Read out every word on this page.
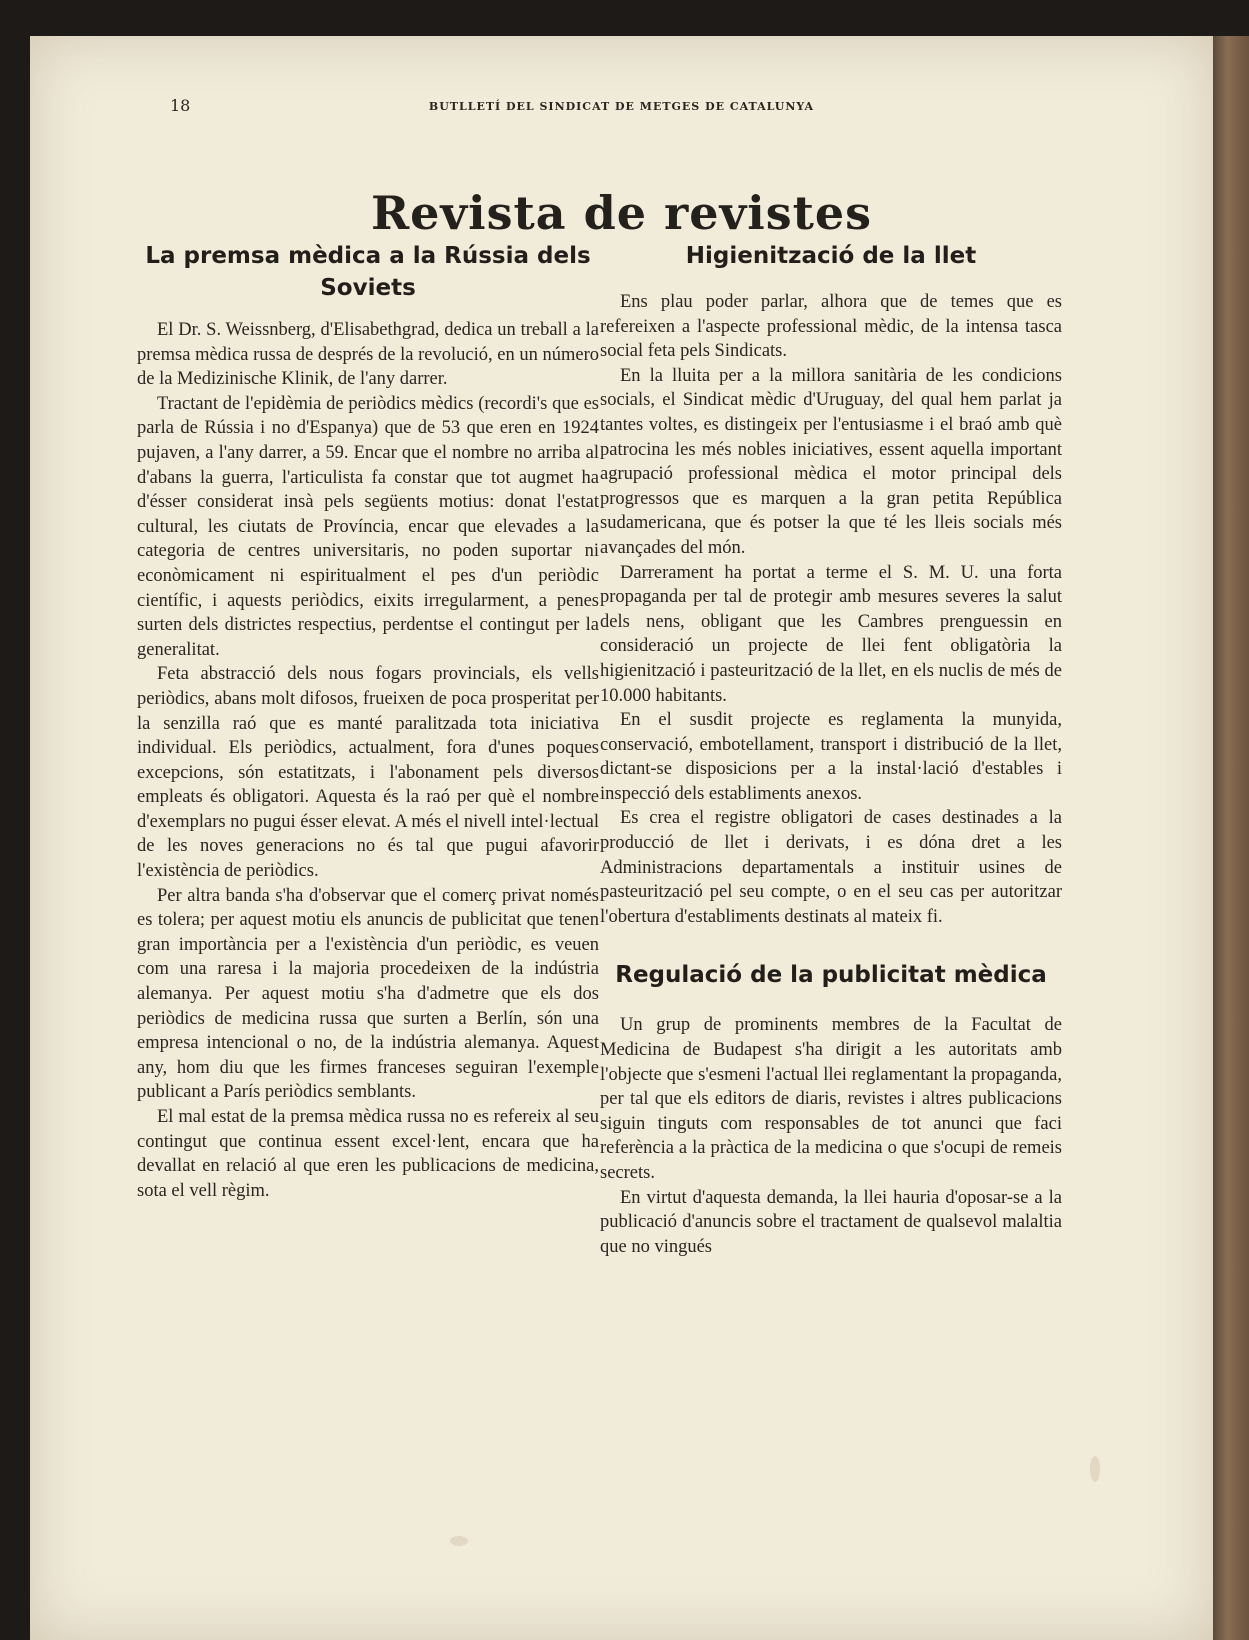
18	BUTLLETÍ DEL SINDICAT DE METGES DE CATALUNYA
Revista de revistes
La premsa mèdica a la Rússia dels Soviets

El Dr. S. Weissnberg, d'Elisabethgrad, dedica un treball a la premsa mèdica russa de després de la revolució, en un número de la Medizinische Klinik, de l'any darrer.

Tractant de l'epidèmia de periòdics mèdics (recordi's que es parla de Rússia i no d'Espanya) que de 53 que eren en 1924 pujaven, a l'any darrer, a 59. Encar que el nombre no arriba al d'abans la guerra, l'articulista fa constar que tot augmet ha d'ésser considerat insà pels següents motius: donat l'estat cultural, les ciutats de Província, encar que elevades a la categoria de centres universitaris, no poden suportar ni econòmicament ni espiritualment el pes d'un periòdic científic, i aquests periòdics, eixits irregularment, a penes surten dels districtes respectius, perdentse el contingut per la generalitat.

Feta abstracció dels nous fogars provincials, els vells periòdics, abans molt difosos, frueixen de poca prosperitat per la senzilla raó que es manté paralitzada tota iniciativa individual. Els periòdics, actualment, fora d'unes poques excepcions, són estatitzats, i l'abonament pels diversos empleats és obligatori. Aquesta és la raó per què el nombre d'exemplars no pugui ésser elevat. A més el nivell intel·lectual de les noves generacions no és tal que pugui afavorir l'existència de periòdics.

Per altra banda s'ha d'observar que el comerç privat només es tolera; per aquest motiu els anuncis de publicitat que tenen gran importància per a l'existència d'un periòdic, es veuen com una raresa i la majoria procedeixen de la indústria alemanya. Per aquest motiu s'ha d'admetre que els dos periòdics de medicina russa que surten a Berlín, són una empresa intencional o no, de la indústria alemanya. Aquest any, hom diu que les firmes franceses seguiran l'exemple publicant a París periòdics semblants.

El mal estat de la premsa mèdica russa no es refereix al seu contingut que continua essent excel·lent, encara que ha devallat en relació al que eren les publicacions de medicina, sota el vell règim.

Higienització de la llet

Ens plau poder parlar, alhora que de temes que es refereixen a l'aspecte professional mèdic, de la intensa tasca social feta pels Sindicats.

En la lluita per a la millora sanitària de les condicions socials, el Sindicat mèdic d'Uruguay, del qual hem parlat ja tantes voltes, es distingeix per l'entusiasme i el braó amb què patrocina les més nobles iniciatives, essent aquella important agrupació professional mèdica el motor principal dels progressos que es marquen a la gran petita República sudamericana, que és potser la que té les lleis socials més avançades del món.

Darrerament ha portat a terme el S. M. U. una forta propaganda per tal de protegir amb mesures severes la salut dels nens, obligant que les Cambres prenguessin en consideració un projecte de llei fent obligatòria la higienització i pasteurització de la llet, en els nuclis de més de 10.000 habitants.

En el susdit projecte es reglamenta la munyida, conservació, embotellament, transport i distribució de la llet, dictant-se disposicions per a la instal·lació d'estables i inspecció dels establiments anexos.

Es crea el registre obligatori de cases destinades a la producció de llet i derivats, i es dóna dret a les Administracions departamentals a instituir usines de pasteurització pel seu compte, o en el seu cas per autoritzar l'obertura d'establiments destinats al mateix fi.

Regulació de la publicitat mèdica

Un grup de prominents membres de la Facultat de Medicina de Budapest s'ha dirigit a les autoritats amb l'objecte que s'esmeni l'actual llei reglamentant la propaganda, per tal que els editors de diaris, revistes i altres publicacions siguin tinguts com responsables de tot anunci que faci referència a la pràctica de la medicina o que s'ocupi de remeis secrets.

En virtut d'aquesta demanda, la llei hauria d'oposar-se a la publicació d'anuncis sobre el tractament de qualsevol malaltia que no vingués
